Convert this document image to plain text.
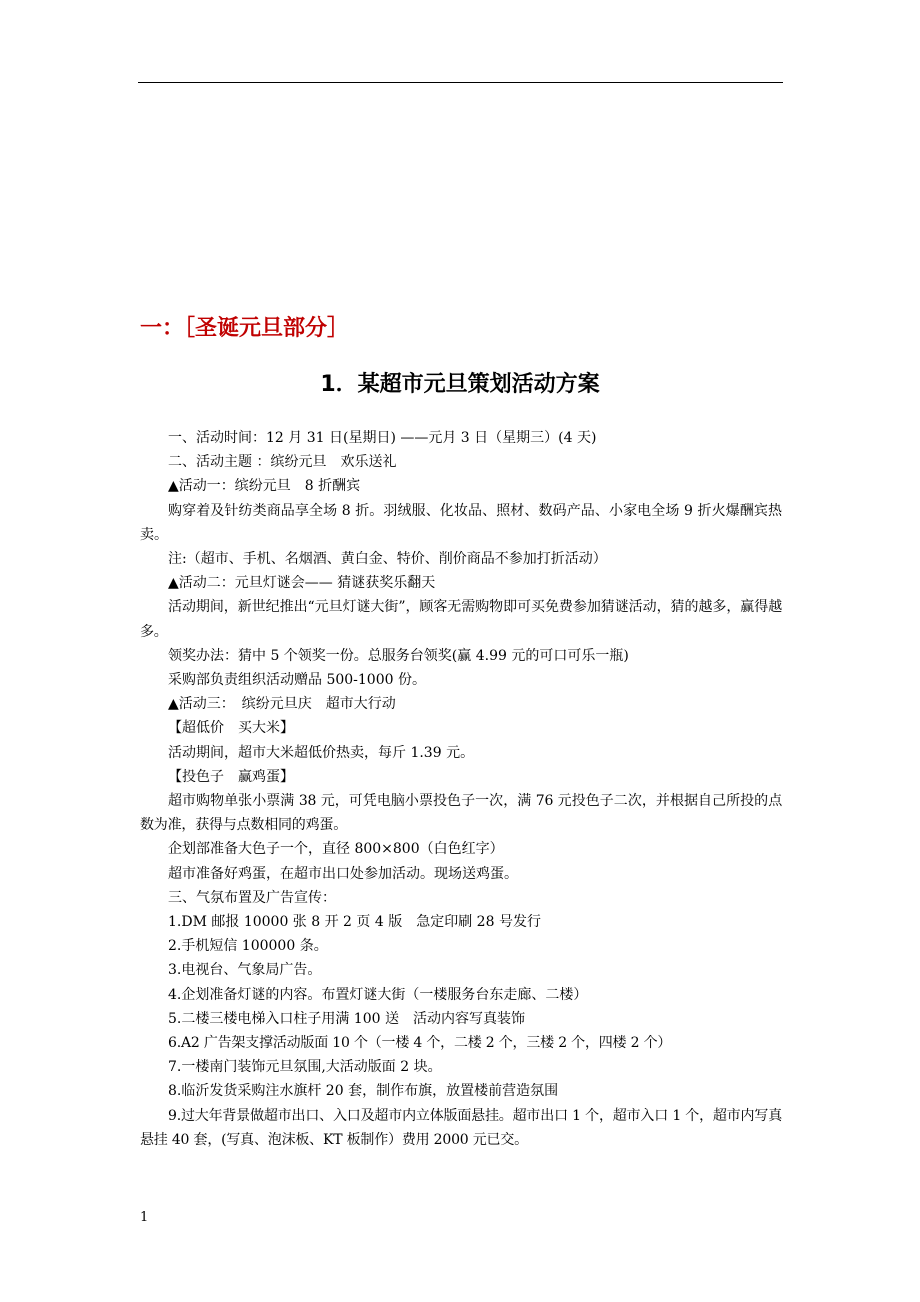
一：［圣诞元旦部分］
1．某超市元旦策划活动方案

一、活动时间：12 月 31 日(星期日) ——元月 3 日（星期三）(4 天)

二、活动主题 ：缤纷元旦　欢乐送礼

▲活动一：缤纷元旦　8 折酬宾

购穿着及针纺类商品享全场 8 折。羽绒服、化妆品、照材、数码产品、小家电全场 9 折火爆酬宾热卖。

注:（超市、手机、名烟酒、黄白金、特价、削价商品不参加打折活动）

▲活动二：元旦灯谜会—— 猜谜获奖乐翻天

活动期间，新世纪推出“元旦灯谜大街”，顾客无需购物即可买免费参加猜谜活动，猜的越多，赢得越多。

领奖办法：猜中 5 个领奖一份。总服务台领奖(赢 4.99 元的可口可乐一瓶)

采购部负责组织活动赠品 500-1000 份。

▲活动三：　缤纷元旦庆　超市大行动

【超低价　买大米】

活动期间，超市大米超低价热卖，每斤 1.39 元。

【投色子　赢鸡蛋】

超市购物单张小票满 38 元，可凭电脑小票投色子一次，满 76 元投色子二次，并根据自己所投的点数为准，获得与点数相同的鸡蛋。

企划部准备大色子一个，直径 800×800（白色红字）

超市准备好鸡蛋，在超市出口处参加活动。现场送鸡蛋。

三、气氛布置及广告宣传：

1.DM 邮报 10000 张 8 开 2 页 4 版　急定印刷 28 号发行

2.手机短信 100000 条。

3.电视台、气象局广告。

4.企划准备灯谜的内容。布置灯谜大街（一楼服务台东走廊、二楼）

5.二楼三楼电梯入口柱子用满 100 送　活动内容写真装饰

6.A2 广告架支撑活动版面 10 个（一楼 4 个，二楼 2 个，三楼 2 个，四楼 2 个）

7.一楼南门装饰元旦氛围,大活动版面 2 块。

8.临沂发货采购注水旗杆 20 套，制作布旗，放置楼前营造氛围

9.过大年背景做超市出口、入口及超市内立体版面悬挂。超市出口 1 个，超市入口 1 个，超市内写真悬挂 40 套，(写真、泡沫板、KT 板制作）费用 2000 元已交。

1
